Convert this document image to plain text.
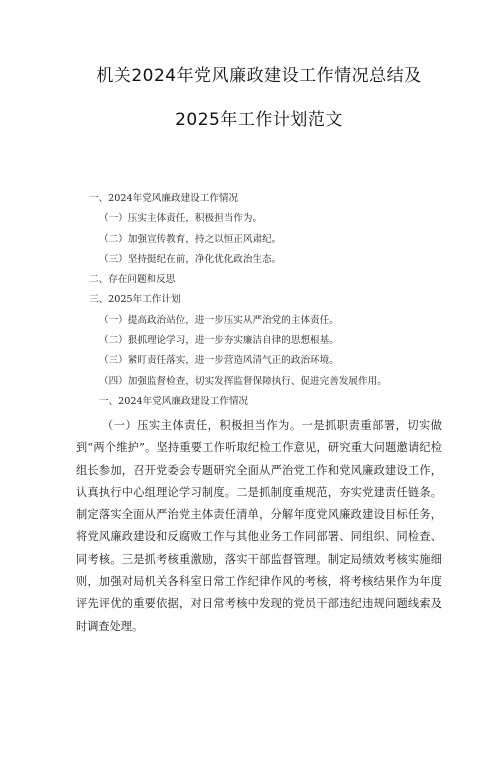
机关2024年党风廉政建设工作情况总结及
2025年工作计划范文
一、2024年党风廉政建设工作情况
（一）压实主体责任，积极担当作为。
（二）加强宣传教育，持之以恒正风肃纪。
（三）坚持挺纪在前，净化优化政治生态。
二、存在问题和反思
三、2025年工作计划
（一）提高政治站位，进一步压实从严治党的主体责任。
（二）狠抓理论学习，进一步夯实廉洁自律的思想根基。
（三）紧盯责任落实，进一步营造风清气正的政治环境。
（四）加强监督检查，切实发挥监督保障执行、促进完善发展作用。
一、2024年党风廉政建设工作情况

（一）压实主体责任，积极担当作为。一是抓职责重部署，切实做到“两个维护”。坚持重要工作听取纪检工作意见，研究重大问题邀请纪检组长参加，召开党委会专题研究全面从严治党工作和党风廉政建设工作，认真执行中心组理论学习制度。二是抓制度重规范，夯实党建责任链条。制定落实全面从严治党主体责任清单，分解年度党风廉政建设目标任务，将党风廉政建设和反腐败工作与其他业务工作同部署、同组织、同检查、同考核。三是抓考核重激励，落实干部监督管理。制定局绩效考核实施细则，加强对局机关各科室日常工作纪律作风的考核，将考核结果作为年度评先评优的重要依据，对日常考核中发现的党员干部违纪违规问题线索及时调查处理。
